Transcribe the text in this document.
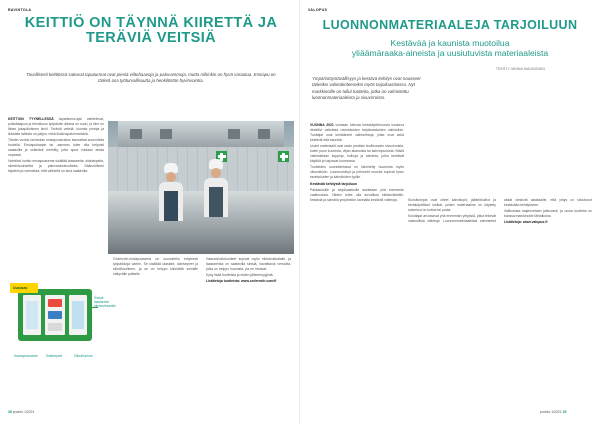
RAVINTOLA
KEITTIÖ ON TÄYNNÄ KIIRETTÄ JA
TERÄVIÄ VEITSIÄ
Tavallisesti keittiössä sattuvat tapaturmat ovat pieniä viiltohaavoja ja palovammoja, mutta niihinkin on hyvä varautua. Ensiapu on tärkeä osa työturvallisuutta ja henkilöstön hyvinvointia.

KEITTIÖN TYYNELLESSÄ tapahtuma-ajat vaihtelevat, pulssitaajuus ja tehokkuus työpäivän aikana on suuri, ja kiire on lähes jokapäiväinen ilmiö. Teräviä veitsiä, kuumia pintoja ja liukkaita lattioita on paljon, mikä lisää tapaturmariskiä.

Tämän vuoksi ravintolan ensiapuvarustus kannattaa suunnitella huolella. Ensiapukaapin tai -aseman tulee olla helposti saatavilla ja selkeästi merkitty, jotta apua voidaan antaa nopeasti.

Valmiiksi koottu ensiapuasema sisältää laastareita, sidetarpeita, silmänhuuhdetta ja palovammatuotteita. Säännöllinen täydennys varmistaa, että välineitä on aina saatavilla.

Uudusas
Sinisiä laastareita elintarvikealalle
Haavapesuainee	Sidetarpeet	Silmähuuhde

Cederroth-ensiapuasema on suunniteltu erityisesti työpaikkoja varten. Se sisältää laastarit, sidetarpeet ja silmähuuhteen, ja se on helppo kiinnittää seinälle näkyvälle paikalle.

Haavanhoitotuotteet sopivat myös elintarvikealalle, ja laastareista on saatavilla sinisiä, havaittavia versioita, jotka on helppo huomata, jos ne irtoavat.

Kysy lisää tuotteista ja niiden jälleenmyyjistä.

Lisätietoja tuotteista: www.cederroth.com/fi

38 prointo 1/2021
VALOPUS
LUONNONMATERIAALEJA TARJOILUUN
Kestävää ja kaunista muotoilua
yliäämäraaka-aineista ja uusiutuvista materiaaleista
TEKSTI: MINNA MAUNONEN
Ympäristöystävällisyys ja kestävä kehitys ovat nousseet tärkeiksi valintakriteereiksi myös tarjoiluastioissa. Nyt markkinoille on tullut tuotteita, jotka on valmistettu luonnonmateriaaleista ja sivuvirroista.

VUONNA 2021 voimaan tulevaa kertakäyttömuovia koskeva direktiivi vaikuttaa ravintoloiden tarjoiluastioiden valintoihin. Tuottajat ovat kehittäneet vaihtoehtoja, jotka ovat sekä kestäviä että kauniita.

Uudet materiaalit ovat usein peräisin teollisuuden sivuvirroista, kuten puun kuoresta, viljan akanoista tai kahvinpuruista. Niistä valmistetaan kuppeja, kulhoja ja aterimia, jotka kestävät käyttöä ja hajoavat luonnossa.

Tuotteiden suunnittelussa on kiinnitetty huomiota myös ulkonäköön. Luonnonsävyt ja pehmeät muodot sopivat hyvin ravintoloiden ja kahviloiden tyyliin.

Kestävää kehitystä tarjoiluun

Pakkauksille ja tarjoiluastioille asetetaan yhä enemmän vaatimuksia. Niiden tulee olla turvallisia elintarvikkeille, kestäviä ja samalla ympäristön kannalta kestäviä valintoja.	Suosituimpia ovat olleet kahvikupit, jäätelökulhot ja kertakäyttöiset lusikat, joiden materiaalina on käytetty sokeriruo'on kuitua tai puuta.

Kuluttajat arvostavat yhä enemmän yrityksiä, jotka tekevät vastuullisia valintoja. Luonnonmateriaaleista valmistetut astiat viestivät asiakkaille, että yritys on sitoutunut kestävään kehitykseen.

Valikoimaa laajennetaan jatkuvasti, ja uusia tuotteita on tulossa markkinoille lähiaikoina.

Lisätietoja: www.valopus.fi

prointo 1/2021 39
